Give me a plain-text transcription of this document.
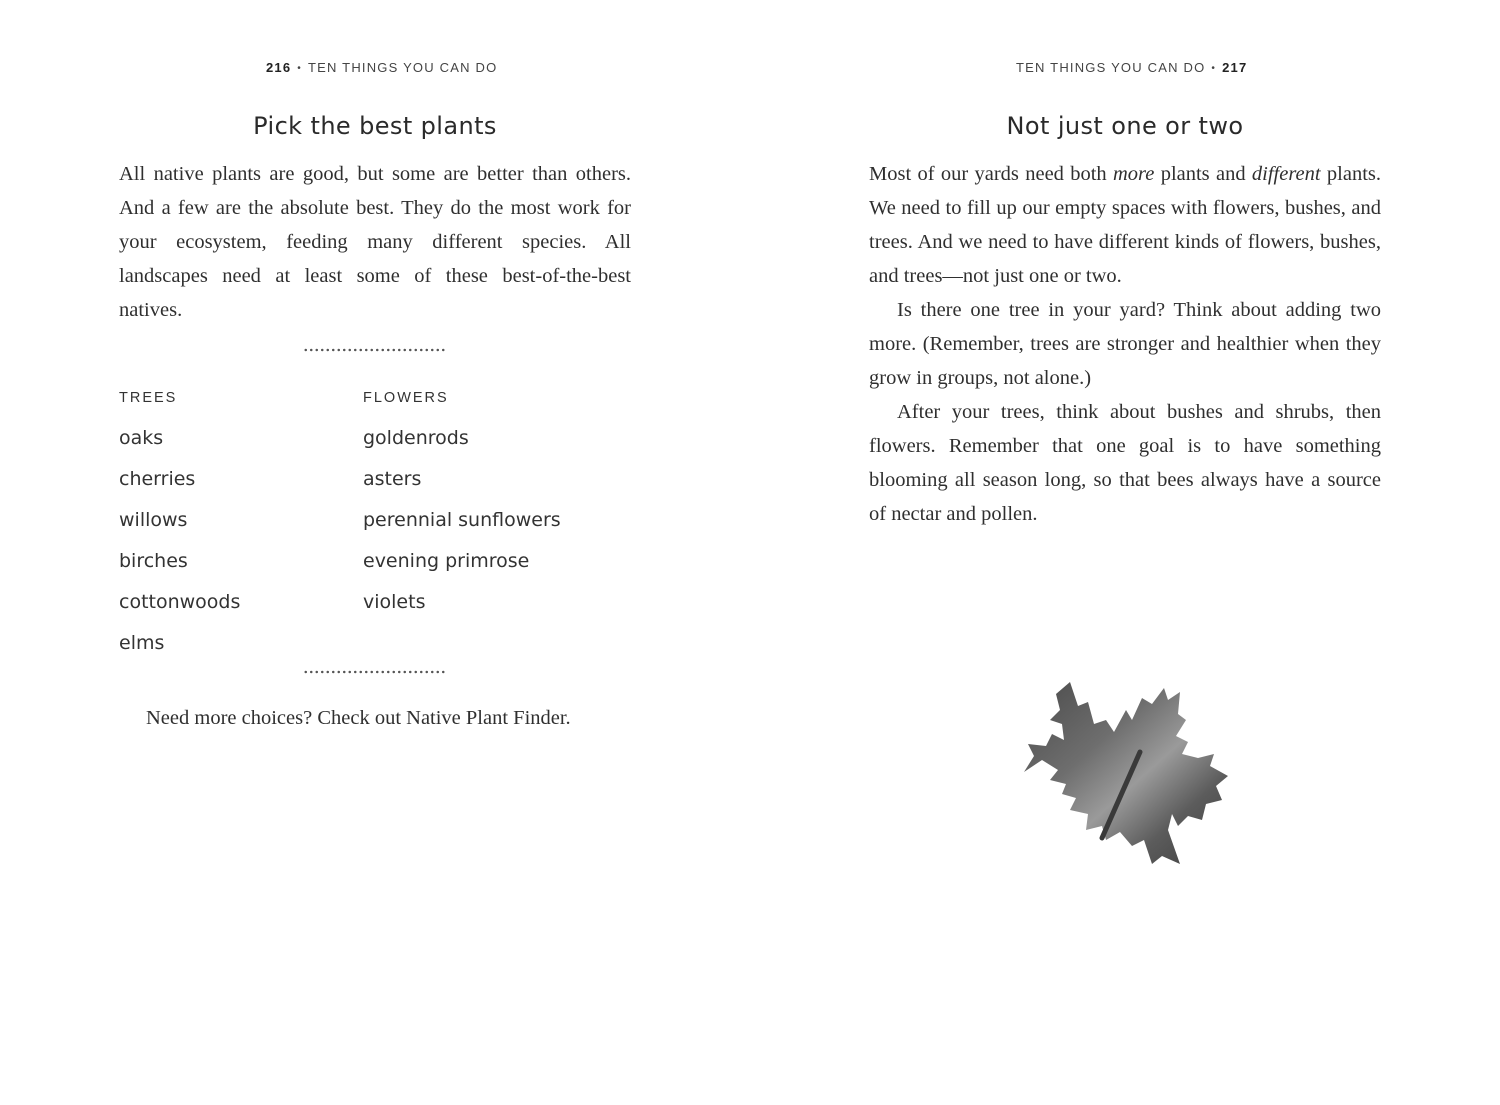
216 • TEN THINGS YOU CAN DO
Pick the best plants

All native plants are good, but some are better than others. And a few are the absolute best. They do the most work for your ecosystem, feeding many different species. All landscapes need at least some of these best-of-the-best natives.

TREES	FLOWERS
oaks
cherries
willows
birches
cottonwoods
elms
goldenrods
asters
perennial sunflowers
evening primrose
violets
Need more choices? Check out Native Plant Finder.
TEN THINGS YOU CAN DO • 217
Not just one or two

Most of our yards need both more plants and different plants. We need to fill up our empty spaces with flowers, bushes, and trees. And we need to have different kinds of flowers, bushes, and trees—not just one or two.

Is there one tree in your yard? Think about adding two more. (Remember, trees are stronger and healthier when they grow in groups, not alone.)

After your trees, think about bushes and shrubs, then flowers. Remember that one goal is to have something blooming all season long, so that bees always have a source of nectar and pollen.
